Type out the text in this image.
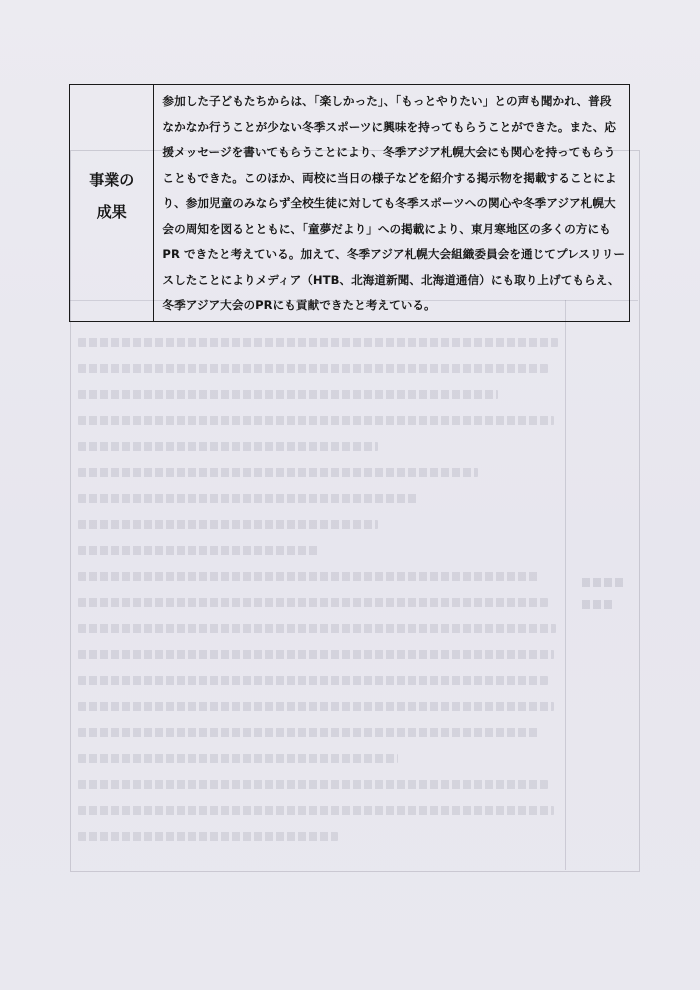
事業の
成果

参加した子どもたちからは、「楽しかった」、「もっとやりたい」との声も聞かれ、普段

なかなか行うことが少ない冬季スポーツに興味を持ってもらうことができた。また、応

援メッセージを書いてもらうことにより、冬季アジア札幌大会にも関心を持ってもらう

こともできた。このほか、両校に当日の様子などを紹介する掲示物を掲載することによ

り、参加児童のみならず全校生徒に対しても冬季スポーツへの関心や冬季アジア札幌大

会の周知を図るとともに、「童夢だより」への掲載により、東月寒地区の多くの方にも

PR できたと考えている。加えて、冬季アジア札幌大会組織委員会を通じてプレスリリー

スしたことによりメディア（HTB、北海道新聞、北海道通信）にも取り上げてもらえ、

冬季アジア大会のPRにも貢献できたと考えている。
